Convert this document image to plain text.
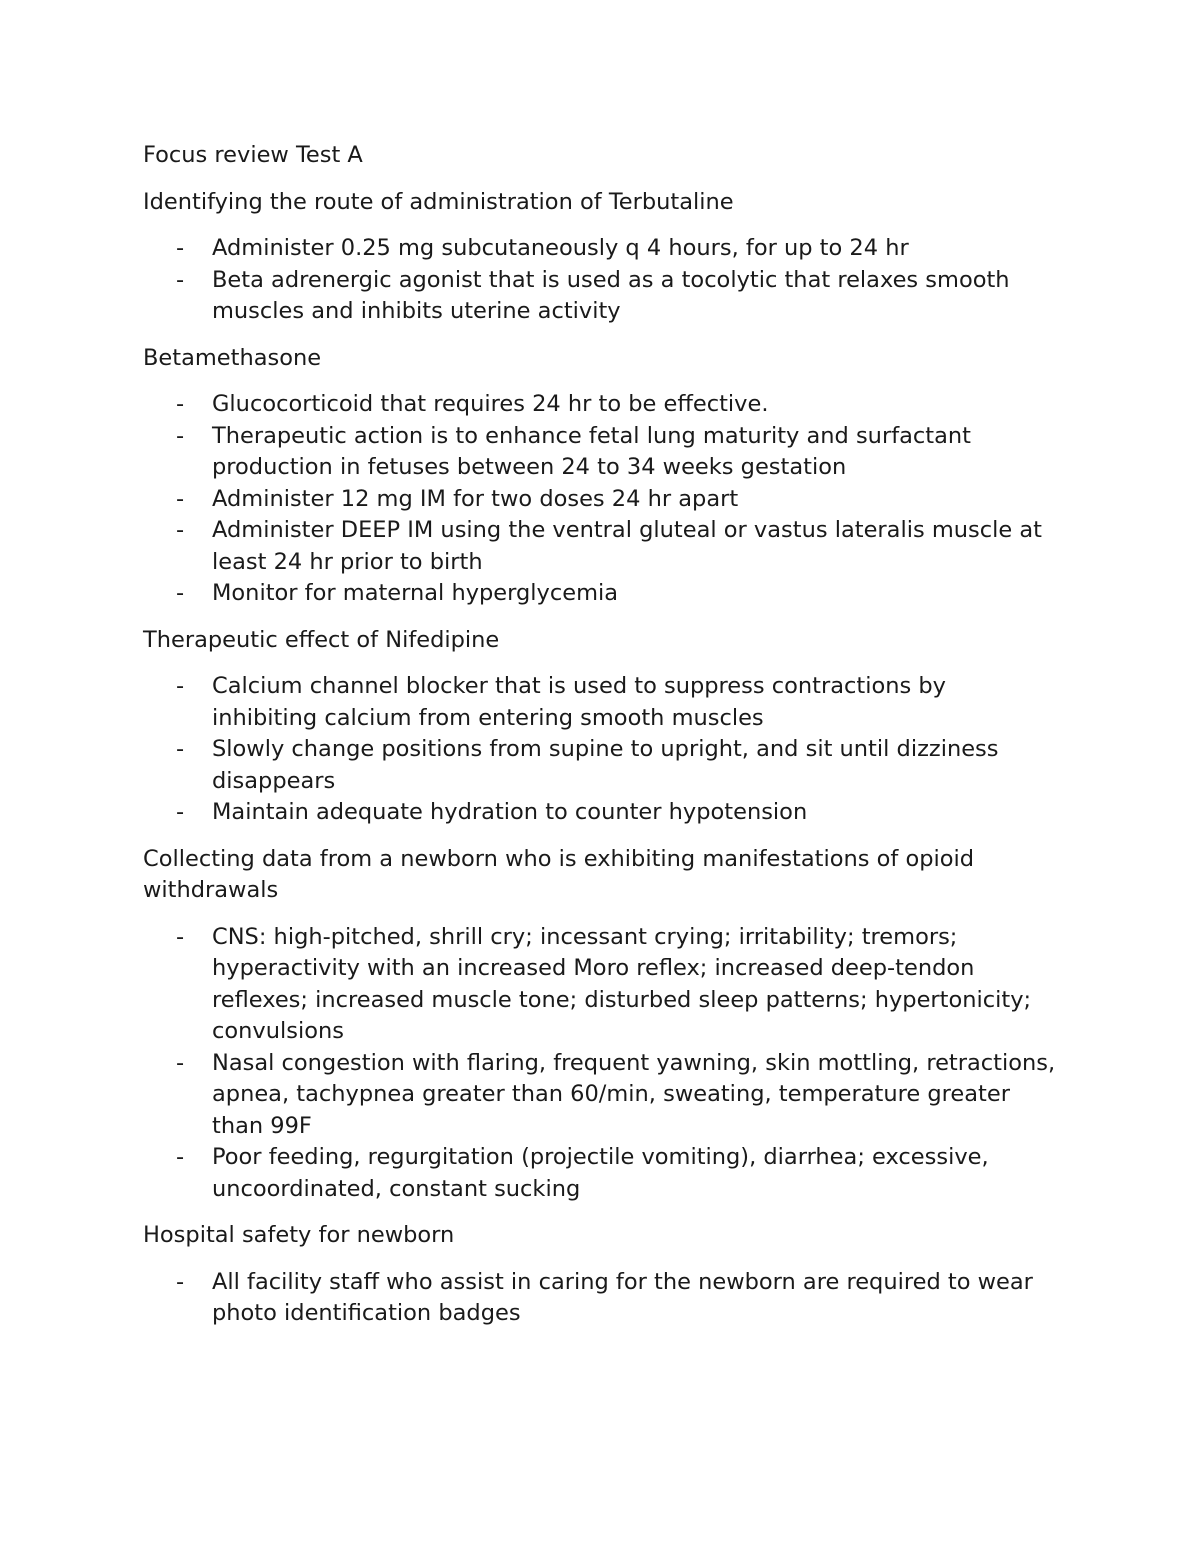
Focus review Test A

Identifying the route of administration of Terbutaline

- Administer 0.25 mg subcutaneously q 4 hours, for up to 24 hr
- Beta adrenergic agonist that is used as a tocolytic that relaxes smooth muscles and inhibits uterine activity

Betamethasone

- Glucocorticoid that requires 24 hr to be effective.
- Therapeutic action is to enhance fetal lung maturity and surfactant production in fetuses between 24 to 34 weeks gestation
- Administer 12 mg IM for two doses 24 hr apart
- Administer DEEP IM using the ventral gluteal or vastus lateralis muscle at least 24 hr prior to birth
- Monitor for maternal hyperglycemia

Therapeutic effect of Nifedipine

- Calcium channel blocker that is used to suppress contractions by inhibiting calcium from entering smooth muscles
- Slowly change positions from supine to upright, and sit until dizziness disappears
- Maintain adequate hydration to counter hypotension

Collecting data from a newborn who is exhibiting manifestations of opioid withdrawals

- CNS: high-pitched, shrill cry; incessant crying; irritability; tremors; hyperactivity with an increased Moro reflex; increased deep-tendon reflexes; increased muscle tone; disturbed sleep patterns; hypertonicity; convulsions
- Nasal congestion with flaring, frequent yawning, skin mottling, retractions, apnea, tachypnea greater than 60/min, sweating, temperature greater than 99F
- Poor feeding, regurgitation (projectile vomiting), diarrhea; excessive, uncoordinated, constant sucking

Hospital safety for newborn

- All facility staff who assist in caring for the newborn are required to wear photo identification badges
